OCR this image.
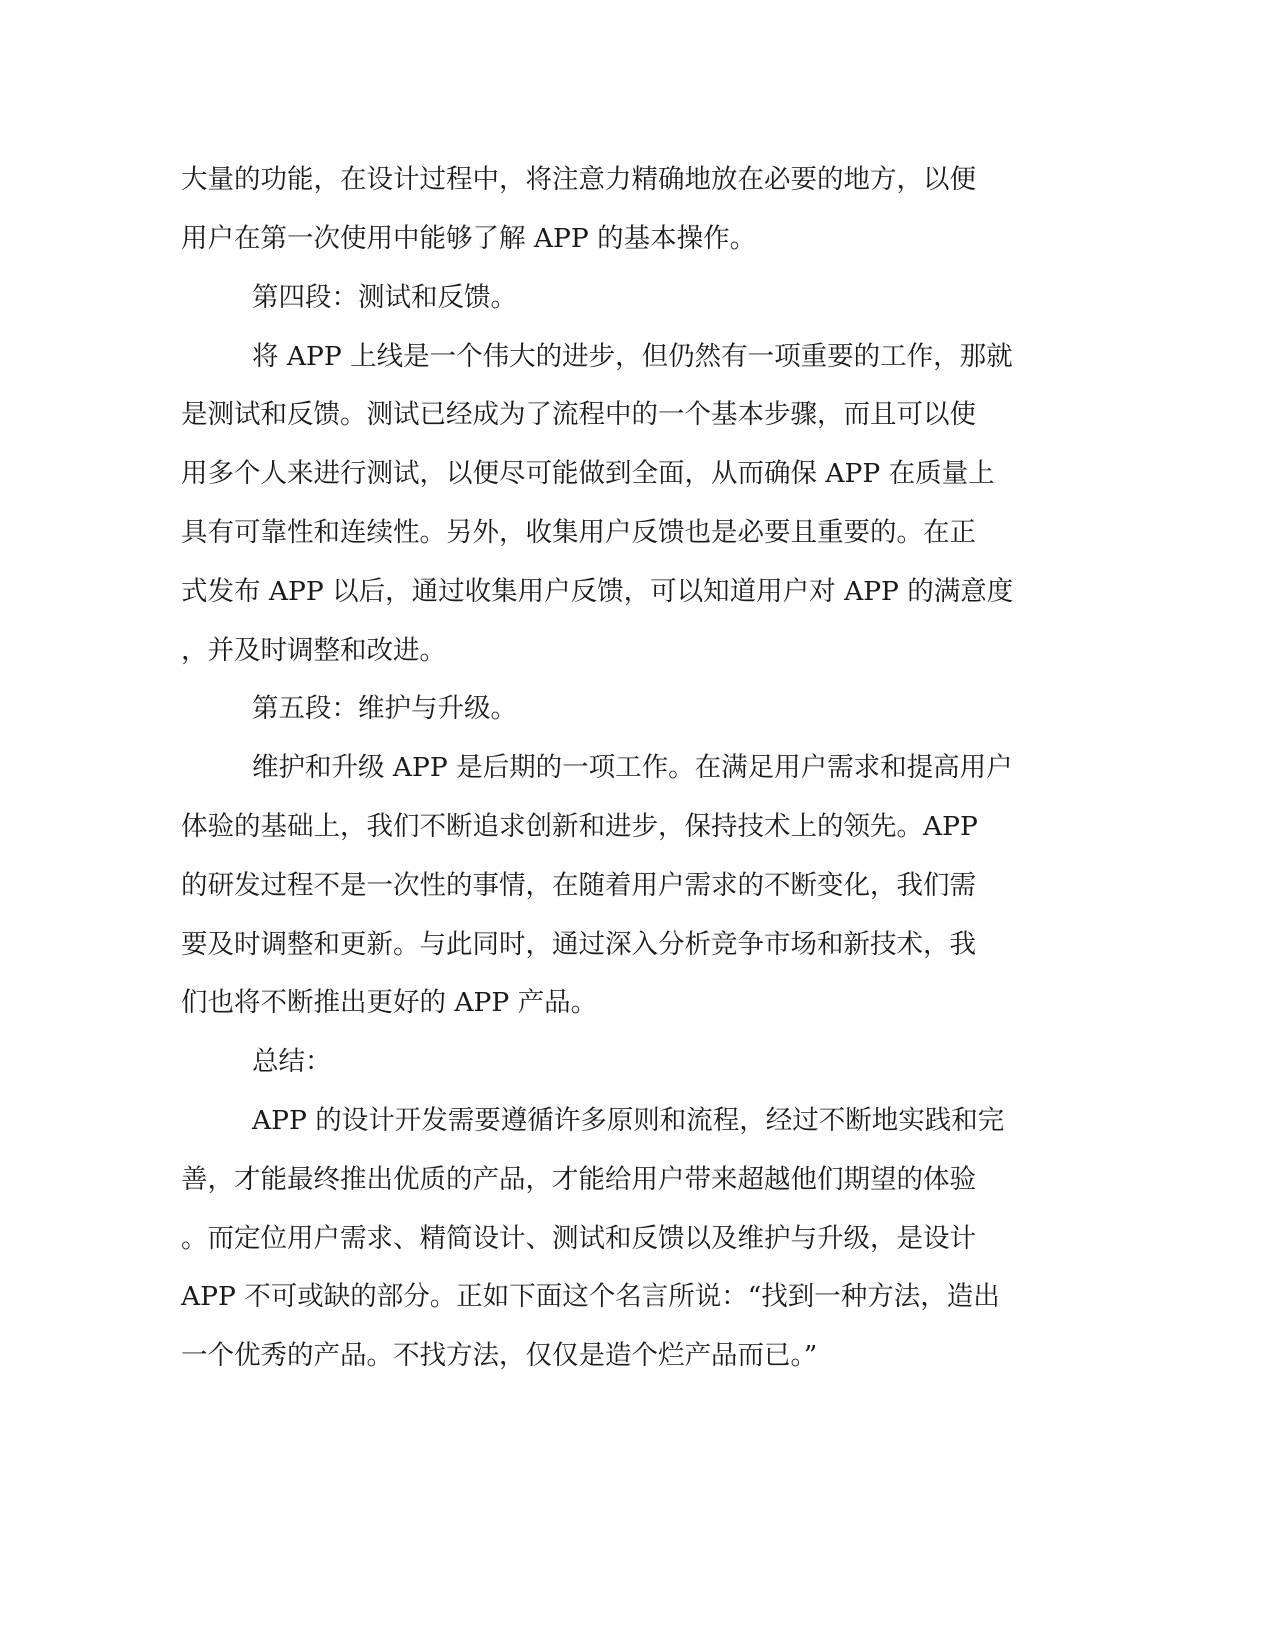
大量的功能，在设计过程中，将注意力精确地放在必要的地方，以便

用户在第一次使用中能够了解 APP 的基本操作。

第四段：测试和反馈。

将 APP 上线是一个伟大的进步，但仍然有一项重要的工作，那就

是测试和反馈。测试已经成为了流程中的一个基本步骤，而且可以使

用多个人来进行测试，以便尽可能做到全面，从而确保 APP 在质量上

具有可靠性和连续性。另外，收集用户反馈也是必要且重要的。在正

式发布 APP 以后，通过收集用户反馈，可以知道用户对 APP 的满意度

，并及时调整和改进。

第五段：维护与升级。

维护和升级 APP 是后期的一项工作。在满足用户需求和提高用户

体验的基础上，我们不断追求创新和进步，保持技术上的领先。APP

的研发过程不是一次性的事情，在随着用户需求的不断变化，我们需

要及时调整和更新。与此同时，通过深入分析竞争市场和新技术，我

们也将不断推出更好的 APP 产品。

总结：

APP 的设计开发需要遵循许多原则和流程，经过不断地实践和完

善，才能最终推出优质的产品，才能给用户带来超越他们期望的体验

。而定位用户需求、精简设计、测试和反馈以及维护与升级，是设计

APP 不可或缺的部分。正如下面这个名言所说：“找到一种方法，造出

一个优秀的产品。不找方法，仅仅是造个烂产品而已。”
